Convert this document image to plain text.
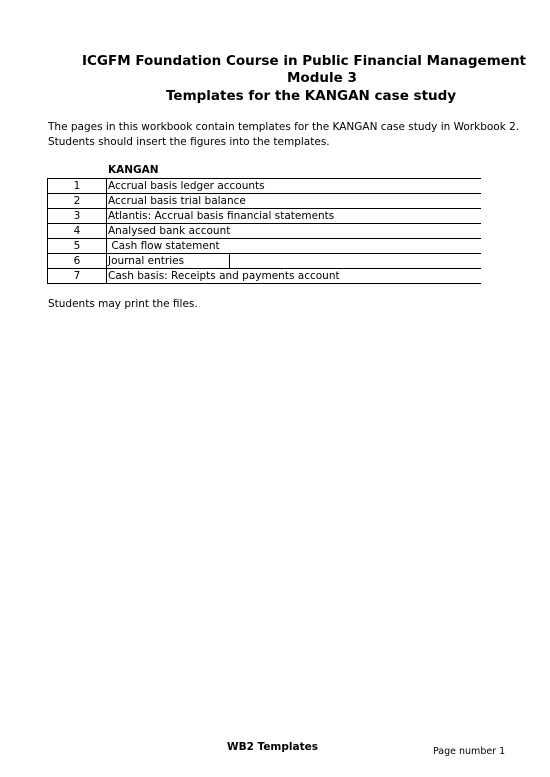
ICGFM Foundation Course in Public Financial Management
Module 3
Templates for the KANGAN case study
The pages in this workbook contain templates for the KANGAN case study in Workbook 2.
Students should insert the figures into the templates.
KANGAN
1	Accrual basis ledger accounts
2	Accrual basis trial balance
3	Atlantis: Accrual basis financial statements
4	Analysed bank account
5	Cash flow statement
6	Journal entries
7	Cash basis: Receipts and payments account
Students may print the files.
WB2 Templates	Page number 1
